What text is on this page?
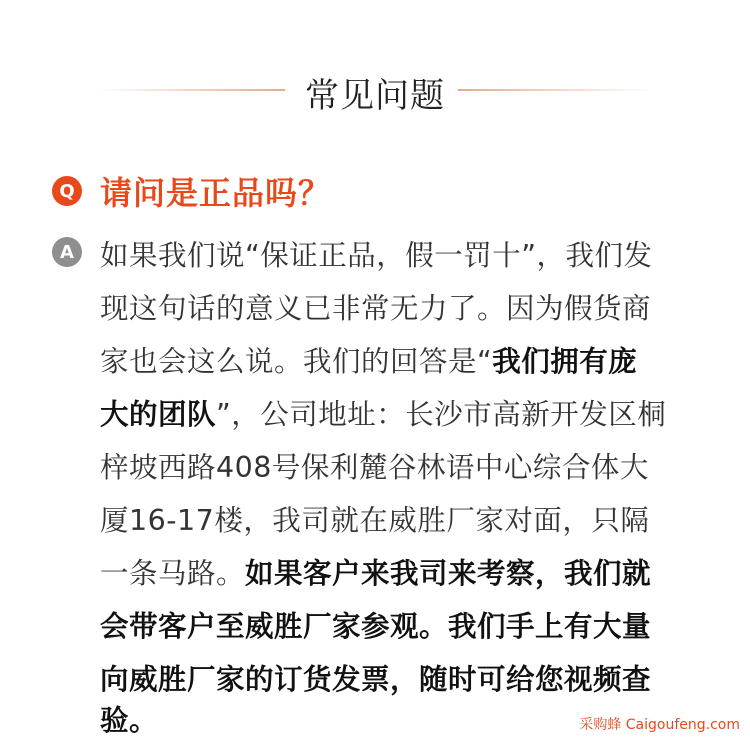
常见问题
Q 请问是正品吗？
A 如果我们说“保证正品，假一罚十”，我们发
现这句话的意义已非常无力了。因为假货商
家也会这么说。我们的回答是“我们拥有庞
大的团队”，公司地址：长沙市高新开发区桐
梓坡西路408号保利麓谷林语中心综合体大
厦16-17楼，我司就在威胜厂家对面，只隔
一条马路。如果客户来我司来考察，我们就
会带客户至威胜厂家参观。我们手上有大量
向威胜厂家的订货发票，随时可给您视频查
验。	采购蜂 Caigoufeng.com
